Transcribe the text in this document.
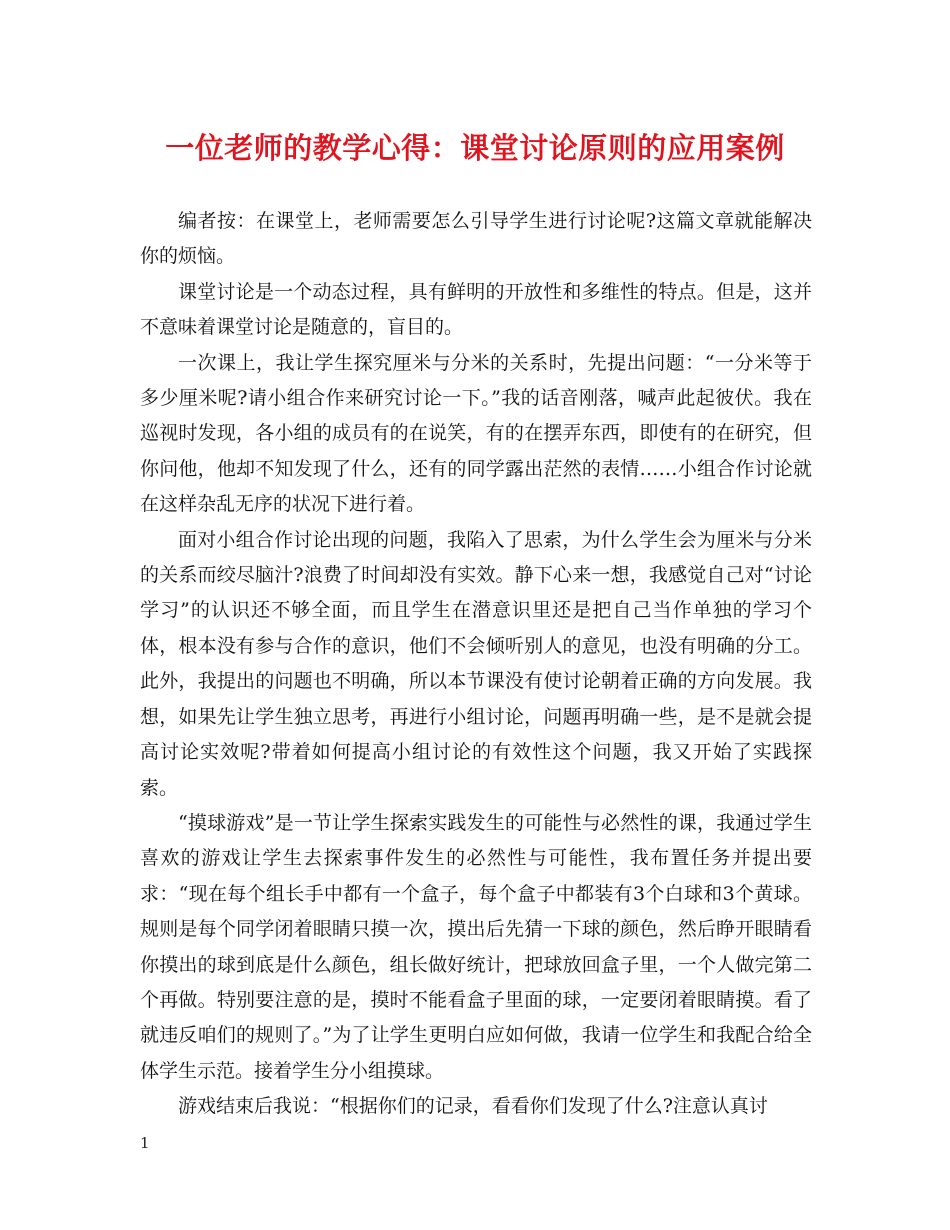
一位老师的教学心得：课堂讨论原则的应用案例

编者按：在课堂上，老师需要怎么引导学生进行讨论呢?这篇文章就能解决你的烦恼。

课堂讨论是一个动态过程，具有鲜明的开放性和多维性的特点。但是，这并不意味着课堂讨论是随意的，盲目的。

一次课上，我让学生探究厘米与分米的关系时，先提出问题：“一分米等于多少厘米呢?请小组合作来研究讨论一下。”我的话音刚落，喊声此起彼伏。我在巡视时发现，各小组的成员有的在说笑，有的在摆弄东西，即使有的在研究，但你问他，他却不知发现了什么，还有的同学露出茫然的表情……小组合作讨论就在这样杂乱无序的状况下进行着。

面对小组合作讨论出现的问题，我陷入了思索，为什么学生会为厘米与分米的关系而绞尽脑汁?浪费了时间却没有实效。静下心来一想，我感觉自己对“讨论学习”的认识还不够全面，而且学生在潜意识里还是把自己当作单独的学习个体，根本没有参与合作的意识，他们不会倾听别人的意见，也没有明确的分工。此外，我提出的问题也不明确，所以本节课没有使讨论朝着正确的方向发展。我想，如果先让学生独立思考，再进行小组讨论，问题再明确一些，是不是就会提高讨论实效呢?带着如何提高小组讨论的有效性这个问题，我又开始了实践探索。

“摸球游戏”是一节让学生探索实践发生的可能性与必然性的课，我通过学生喜欢的游戏让学生去探索事件发生的必然性与可能性，我布置任务并提出要求：“现在每个组长手中都有一个盒子，每个盒子中都装有3个白球和3个黄球。规则是每个同学闭着眼睛只摸一次，摸出后先猜一下球的颜色，然后睁开眼睛看你摸出的球到底是什么颜色，组长做好统计，把球放回盒子里，一个人做完第二个再做。特别要注意的是，摸时不能看盒子里面的球，一定要闭着眼睛摸。看了就违反咱们的规则了。”为了让学生更明白应如何做，我请一位学生和我配合给全体学生示范。接着学生分小组摸球。

游戏结束后我说：“根据你们的记录，看看你们发现了什么?注意认真讨

1
